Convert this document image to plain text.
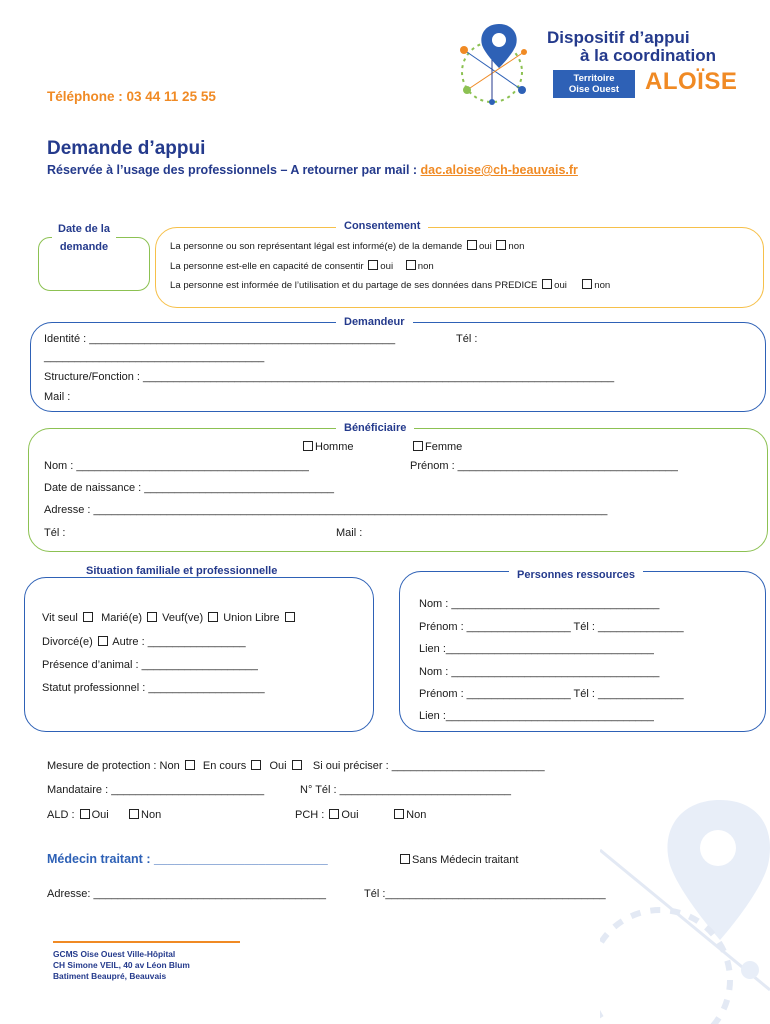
Dispositif d’appui
à la coordination
Territoire
Oise Ouest	ALOÏSE
Téléphone : 03 44 11 25 55
Demande d’appui
Réservée à l’usage des professionnels – A retourner par mail : dac.aloise@ch-beauvais.fr
Date de la
demande
Consentement
La personne ou son représentant légal est informé(e) de la demande oui non
La personne est-elle en capacité de consentir oui	non
La personne est informée de l’utilisation et du partage de ses données dans PREDICE oui	non
Demandeur
Identité : __________________________________________________	Tél :
____________________________________
Structure/Fonction : _____________________________________________________________________________
Mail :
Bénéficiaire
Homme	Femme
Nom : ______________________________________	Prénom : ____________________________________
Date de naissance : _______________________________
Adresse : ____________________________________________________________________________________
Tél :	Mail :
Situation familiale et professionnelle
Vit seul Marié(e) Veuf(ve) Union Libre
Divorcé(e) Autre : ________________
Présence d’animal : ___________________
Statut professionnel : ___________________
Personnes ressources
Nom : __________________________________
Prénom : _________________ Tél : ______________
Lien :__________________________________
Nom : __________________________________
Prénom : _________________ Tél : ______________
Lien :__________________________________
Mesure de protection : Non En cours Oui Si oui préciser : _________________________
Mandataire : _________________________	N° Tél : ____________________________
ALD : Oui	Non	PCH : Oui	Non
Médecin traitant : _________________________	Sans Médecin traitant
Adresse: ______________________________________	Tél :____________________________________
GCMS Oise Ouest Ville-Hôpital
CH Simone VEIL, 40 av Léon Blum
Batiment Beaupré, Beauvais
